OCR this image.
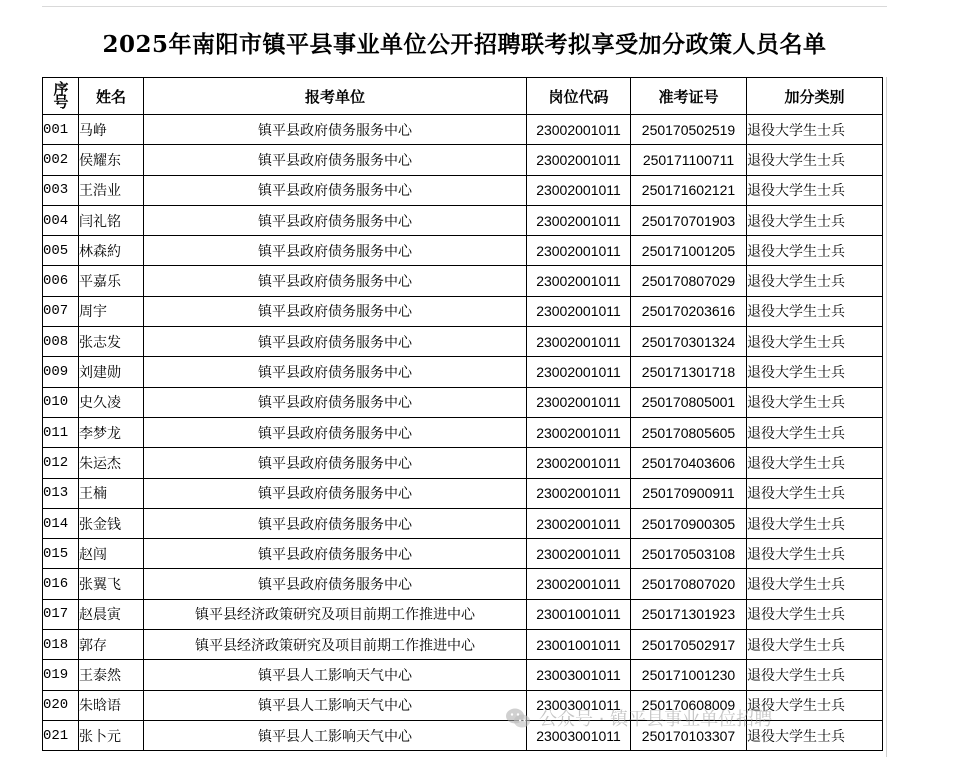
2025年南阳市镇平县事业单位公开招聘联考拟享受加分政策人员名单
序号	姓名	报考单位	岗位代码	准考证号	加分类别
001	马峥	镇平县政府债务服务中心	23002001011	250170502519	退役大学生士兵
002	侯耀东	镇平县政府债务服务中心	23002001011	250171100711	退役大学生士兵
003	王浩业	镇平县政府债务服务中心	23002001011	250171602121	退役大学生士兵
004	闫礼铭	镇平县政府债务服务中心	23002001011	250170701903	退役大学生士兵
005	林森約	镇平县政府债务服务中心	23002001011	250171001205	退役大学生士兵
006	平嘉乐	镇平县政府债务服务中心	23002001011	250170807029	退役大学生士兵
007	周宇	镇平县政府债务服务中心	23002001011	250170203616	退役大学生士兵
008	张志发	镇平县政府债务服务中心	23002001011	250170301324	退役大学生士兵
009	刘建勋	镇平县政府债务服务中心	23002001011	250171301718	退役大学生士兵
010	史久凌	镇平县政府债务服务中心	23002001011	250170805001	退役大学生士兵
011	李梦龙	镇平县政府债务服务中心	23002001011	250170805605	退役大学生士兵
012	朱运杰	镇平县政府债务服务中心	23002001011	250170403606	退役大学生士兵
013	王楠	镇平县政府债务服务中心	23002001011	250170900911	退役大学生士兵
014	张金钱	镇平县政府债务服务中心	23002001011	250170900305	退役大学生士兵
015	赵闯	镇平县政府债务服务中心	23002001011	250170503108	退役大学生士兵
016	张翼飞	镇平县政府债务服务中心	23002001011	250170807020	退役大学生士兵
017	赵晨寅	镇平县经济政策研究及项目前期工作推进中心	23001001011	250171301923	退役大学生士兵
018	郭存	镇平县经济政策研究及项目前期工作推进中心	23001001011	250170502917	退役大学生士兵
019	王泰然	镇平县人工影响天气中心	23003001011	250171001230	退役大学生士兵
020	朱晗语	镇平县人工影响天气中心	23003001011	250170608009	退役大学生士兵
021	张卜元	镇平县人工影响天气中心	23003001011	250170103307	退役大学生士兵
公众号 · 镇平县事业单位招聘
